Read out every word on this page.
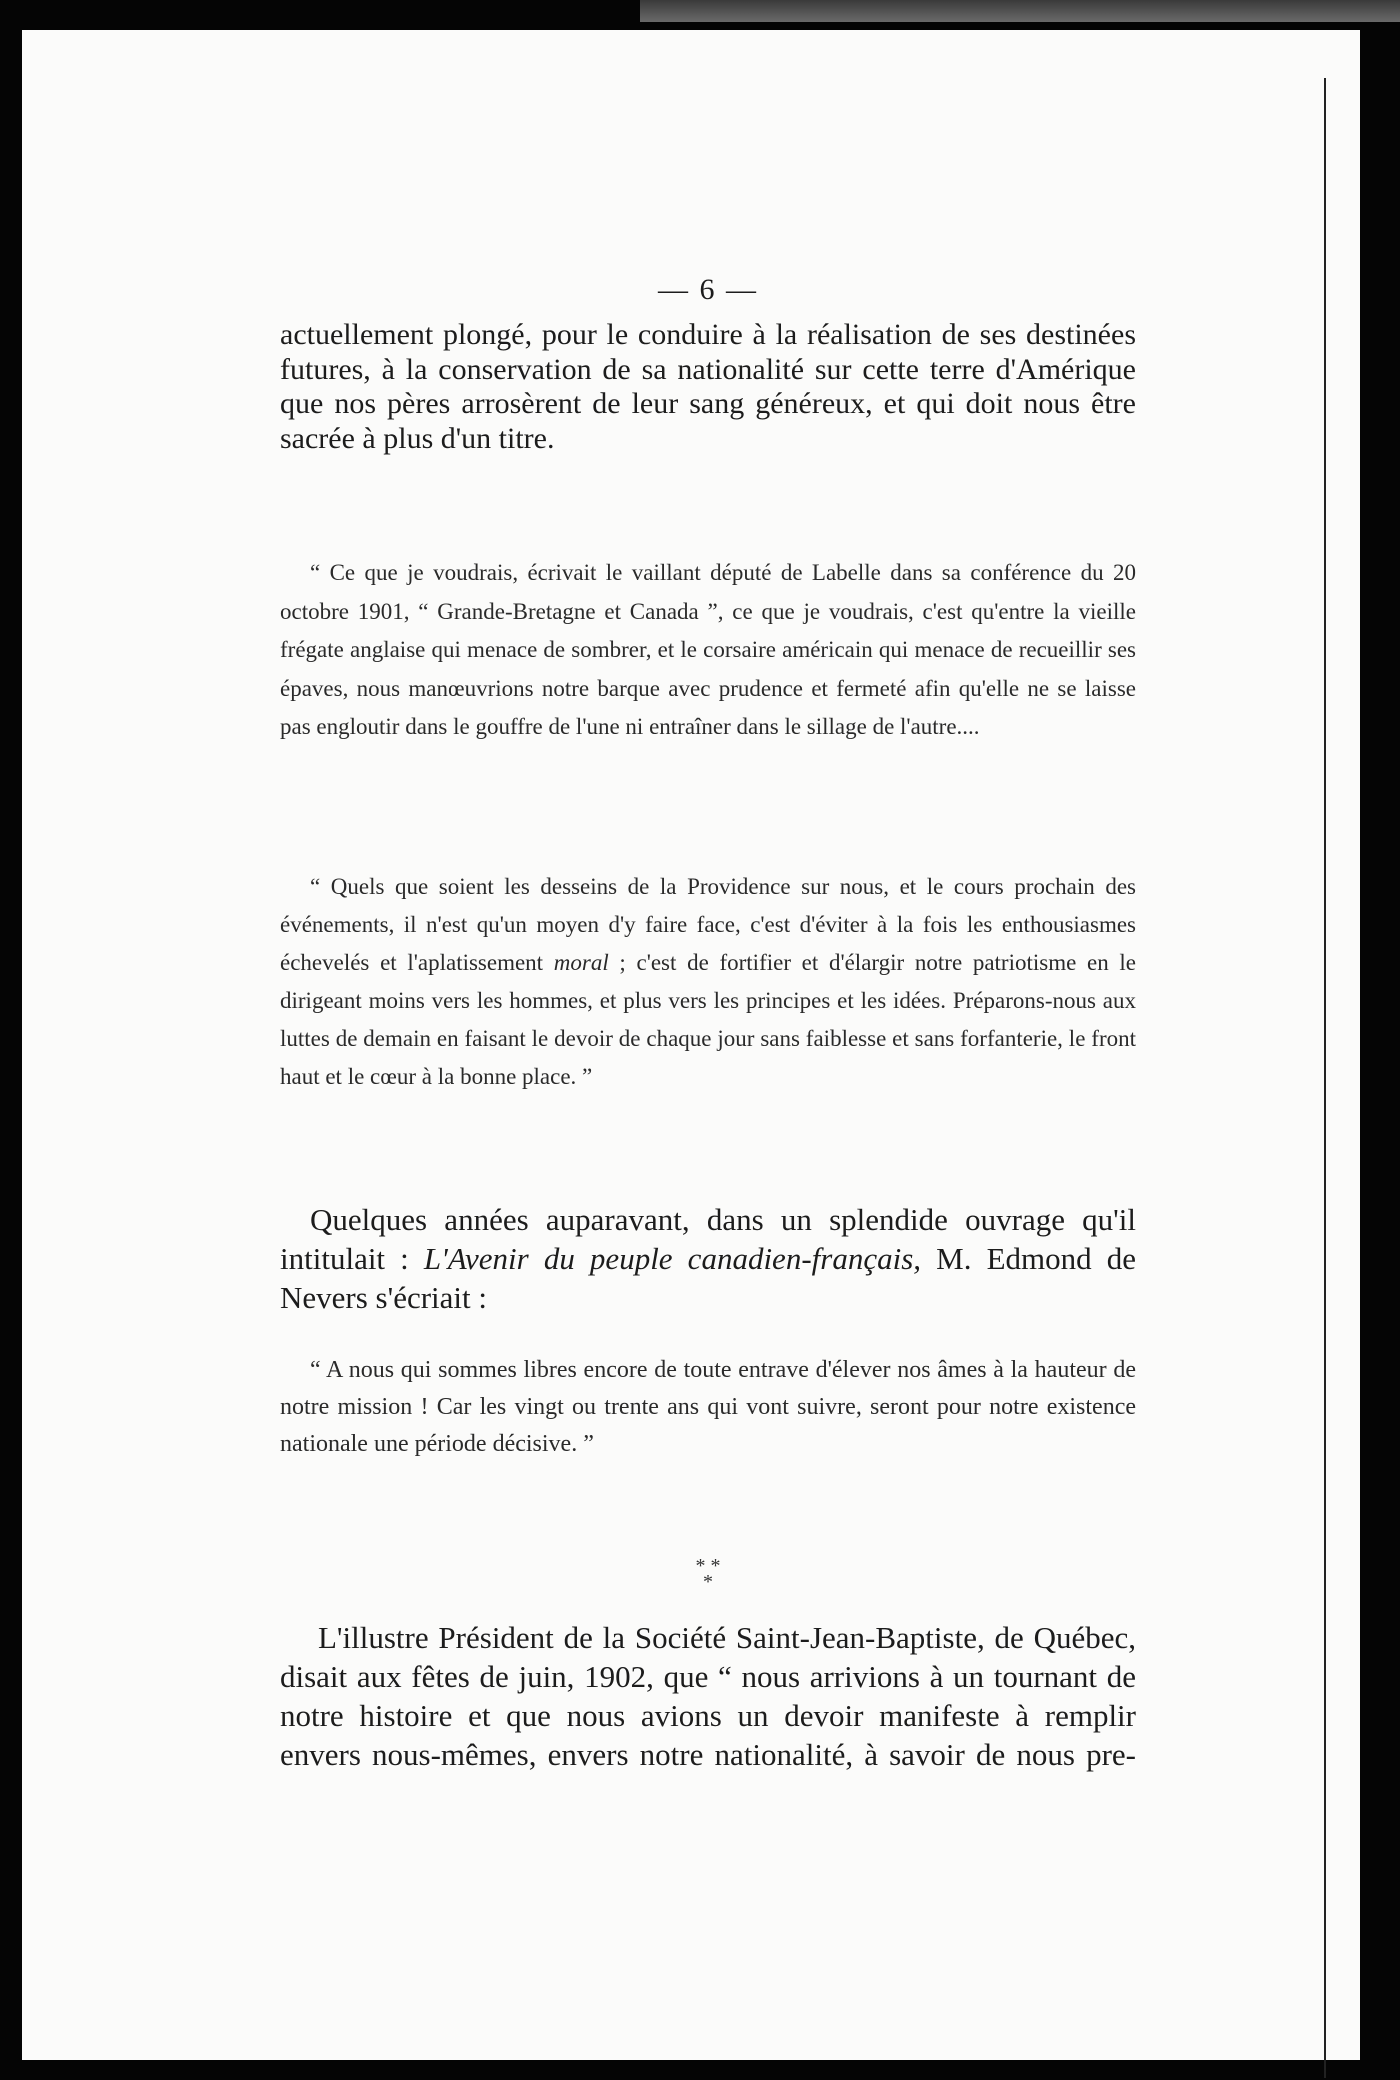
— 6 —

actuellement plongé, pour le conduire à la réalisation de ses destinées futures, à la conservation de sa nationalité sur cette terre d'Amérique que nos pères arrosèrent de leur sang généreux, et qui doit nous être sacrée à plus d'un titre.

“ Ce que je voudrais, écrivait le vaillant député de Labelle dans sa conférence du 20 octobre 1901, “ Grande-Bretagne et Canada ”, ce que je voudrais, c'est qu'entre la vieille frégate anglaise qui menace de sombrer, et le corsaire américain qui menace de recueillir ses épaves, nous manœuvrions notre barque avec prudence et fermeté afin qu'elle ne se laisse pas engloutir dans le gouffre de l'une ni entraîner dans le sillage de l'autre....

“ Quels que soient les desseins de la Providence sur nous, et le cours prochain des événements, il n'est qu'un moyen d'y faire face, c'est d'éviter à la fois les enthousiasmes échevelés et l'aplatissement moral ; c'est de fortifier et d'élargir notre patriotisme en le dirigeant moins vers les hommes, et plus vers les principes et les idées. Préparons-nous aux luttes de demain en faisant le devoir de chaque jour sans faiblesse et sans forfanterie, le front haut et le cœur à la bonne place. ”

Quelques années auparavant, dans un splendide ouvrage qu'il intitulait : L'Avenir du peuple canadien-français, M. Edmond de Nevers s'écriait :

“ A nous qui sommes libres encore de toute entrave d'élever nos âmes à la hauteur de notre mission ! Car les vingt ou trente ans qui vont suivre, seront pour notre existence nationale une période décisive. ”

* *
*

L'illustre Président de la Société Saint-Jean-Baptiste, de Québec, disait aux fêtes de juin, 1902, que “ nous arrivions à un tournant de notre histoire et que nous avions un devoir manifeste à remplir envers nous-mêmes, envers notre nationalité, à savoir de nous pre-
